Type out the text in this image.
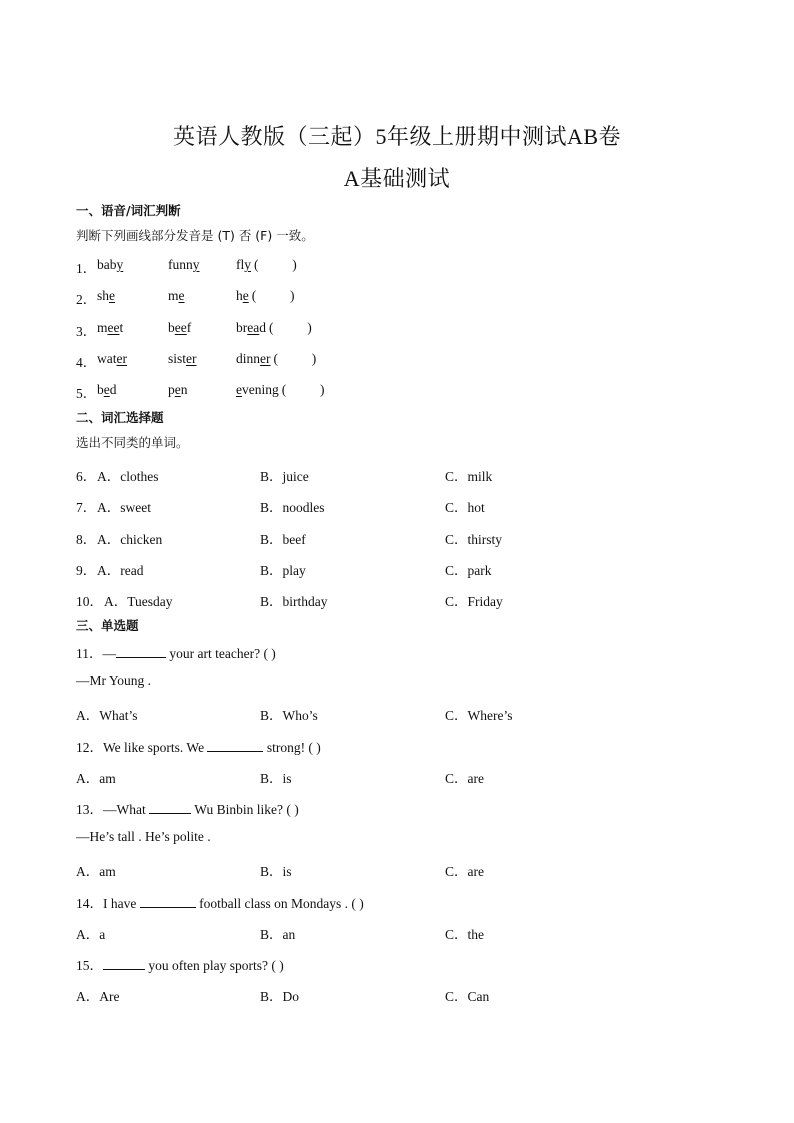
英语人教版（三起）5年级上册期中测试AB卷
A基础测试
一、语音/词汇判断
判断下列画线部分发音是 (T) 否 (F) 一致。
1． baby	funny	fly (          )
2． she	me	he (          )
3． meet	beef	bread (          )
4． water	sister	dinner (          )
5． bed	pen	evening (          )
二、词汇选择题
选出不同类的单词。
6． A．clothes	B．juice	C．milk
7． A．sweet	B．noodles	C．hot
8． A．chicken	B．beef	C．thirsty
9． A．read	B．play	C．park
10． A．Tuesday	B．birthday	C．Friday
三、单选题
11．—	your art teacher? ( )
—Mr Young .
A．What’s	B．Who’s	C．Where’s
12．We like sports. We	strong! ( )
A．am	B．is	C．are
13．—What	Wu Binbin like? ( )
—He’s tall . He’s polite .
A．am	B．is	C．are
14．I have	football class on Mondays . ( )
A．a	B．an	C．the
15．	you often play sports? ( )
A．Are	B．Do	C．Can
